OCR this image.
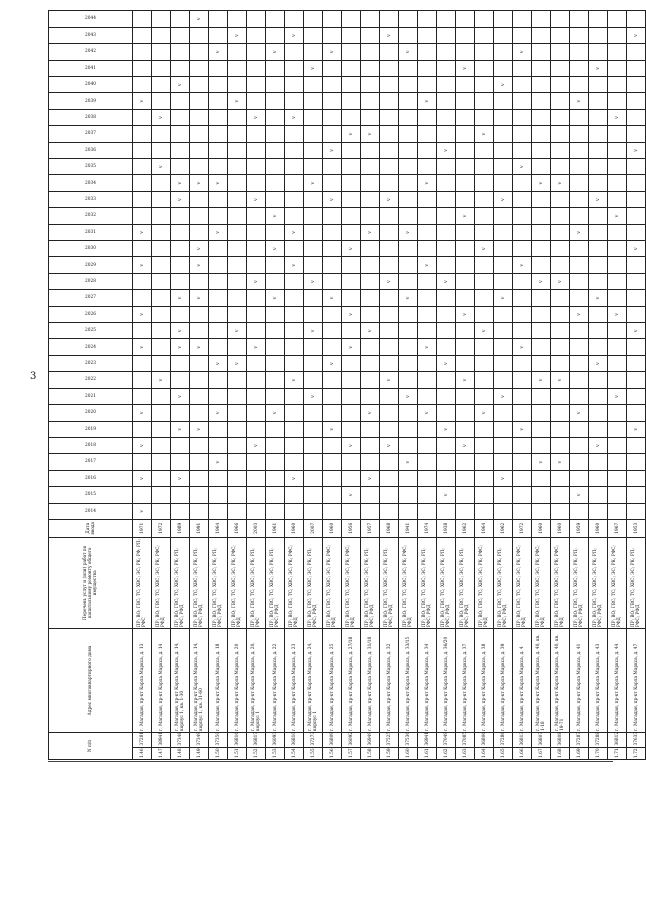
3
N п/п		Адрес многоквартирного дома	Перечень услуг и (или) работ по капитальному ремонту общего имущества	Дата ввода	2014	2015	2016	2017	2018	2019	2020	2021	2022	2023	2024	2025	2026	2027	2028	2029	2030	2031	2032	2033	2034	2035	2036	2037	2038	2039	2040	2041	2042	2043	2044
1.46	37281	г. Магадан, пр-кт Карла Маркса, д. 13	ПР; ВО; ГВС; ТС; ХВС; ЭС; РК; РФ; РП; РФС	1971	v		v		v		v				v		v			v		v								v					
1.47	38941	г. Магадан, пр-кт Карла Маркса, д. 14	ПР; ВО; ГВС; ТС; ХВС; ЭС; РК; РФС; РФД	1972									v													v			v						
1.48	37348	г. Магадан, пр-кт Карла Маркса, д. 14, корпус 1, кв. 1-30	ПР; ВО; ГВС; ТС; ХВС; ЭС; РК; РП; РФС; РФД	1989			v			v		v			v	v		v						v	v						v				
1.49	37349	г. Магадан, пр-кт Карла Маркса, д. 14, корпус 1, кв. 31-60	ПР; ВО; ГВС; ТС; ХВС; ЭС; РК; РП; РФС; РФД	1991						v					v			v		v	v				v										v
1.50	37350	г. Магадан, пр-кт Карла Маркса, д. 18	ПР; ВО; ГВС; ТС; ХВС; ЭС; РК; РП; РФС; РФД	1964				v			v			v								v			v								v		
1.51	36816	г. Магадан, пр-кт Карла Маркса, д. 20	ПР; ВО; ГВС; ТС; ХВС; ЭС; РК; РФС; РФД	1966										v		v														v				v	
1.52	36817	г. Магадан, пр-кт Карла Маркса, д. 20, корпус 1	ПР; ВО; ГВС; ТС; ХВС; ЭС; РК; РП; РФС	2003					v						v				v					v					v						
1.53	36093	г. Магадан, пр-кт Карла Маркса, д. 22	ПР; ВО; ГВС; ТС; ХВС; ЭС; РК; РП; РФС; РФД	1961							v							v			v		v										v		
1.54	36810	г. Магадан, пр-кт Карла Маркса, д. 23	ПР; ВО; ГВС; ТС; ХВС; ЭС; РК; РФС; РФД	1960			v						v							v		v							v					v	
1.55	37273	г. Магадан, пр-кт Карла Маркса, д. 24, корпус 1	ПР; ВО; ГВС; ТС; ХВС; ЭС; РК; РП; РФС; РФД	2007								v				v			v						v							v			
1.56	36809	г. Магадан, пр-кт Карла Маркса, д. 25	ПР; ВО; ГВС; ТС; ХВС; ЭС; РК; РФС; РФД	1960						v				v				v						v			v						v		
1.57	36092	г. Магадан, пр-кт Карла Маркса, д. 27/18	ПР; ВО; ГВС; ТС; ХВС; ЭС; РК; РФС; РФД	1956		v			v						v		v				v							v							
1.58	36949	г. Магадан, пр-кт Карла Маркса, д. 31/18	ПР; ВО; ГВС; ТС; ХВС; ЭС; РК; РП; РФС; РФД	1957			v				v					v						v						v							
1.59	37525	г. Магадан, пр-кт Карла Маркса, д. 32	ПР; ВО; ГВС; ТС; ХВС; ЭС; РК; РП; РФС; РФД	1968					v				v						v					v										v	
1.60	37536	г. Магадан, пр-кт Карла Маркса, д. 33/15	ПР; ВО; ГВС; ТС; ХВС; ЭС; РК; РФС; РФД	1941				v				v						v				v											v		
1.61	36941	г. Магадан, пр-кт Карла Маркса, д. 34	ПР; ВО; ГВС; ТС; ХВС; ЭС; РК; РП; РФС; РФД	1974							v				v					v					v					v					
1.62	37049	г. Магадан, пр-кт Карла Маркса, д. 36/20	ПР; ВО; ГВС; ТС; ХВС; ЭС; РК; РП; РФС; РФД	1938		v				v				v					v								v								
1.63	37085	г. Магадан, пр-кт Карла Маркса, д. 37	ПР; ВО; ГВС; ТС; ХВС; ЭС; РК; РП; РФС; РФД	1962					v				v				v						v									v			
1.64	36806	г. Магадан, пр-кт Карла Маркса, д. 38	ПР; ВО; ГВС; ТС; ХВС; ЭС; РК; РФС; РФД	1964							v					v					v							v							
1.65	37286	г. Магадан, пр-кт Карла Маркса, д. 39	ПР; ВО; ГВС; ТС; ХВС; ЭС; РК; РП; РФС; РФД	1962			v					v						v						v							v				
1.66	36813	г. Магадан, пр-кт Карла Маркса, д. 4	ПР; ВО; ГВС; ТС; ХВС; ЭС; РК; РФС; РФД	1972						v					v					v						v							v		
1.67	36807	г. Магадан, пр-кт Карла Маркса, д. 40, кв. 1-18	ПР; ВО; ГВС; ТС; ХВС; ЭС; РК; РФС; РФД	1960				v					v						v						v										
1.68	36808	г. Магадан, пр-кт Карла Маркса, д. 40, кв. 19-71	ПР; ВО; ГВС; ТС; ХВС; ЭС; РК; РФС; РФД	1960				v					v						v						v										
1.69	37287	г. Магадан, пр-кт Карла Маркса, д. 41	ПР; ВО; ГВС; ТС; ХВС; ЭС; РК; РП; РФС; РФД	1959		v					v						v					v								v					
1.70	37288	г. Магадан, пр-кт Карла Маркса, д. 43	ПР; ВО; ГВС; ТС; ХВС; ЭС; РК; РП; РФС; РФД	1960					v					v				v						v								v			
1.71	36812	г. Магадан, пр-кт Карла Маркса, д. 44	ПР; ВО; ГВС; ТС; ХВС; ЭС; РК; РФС; РФД	1967								v					v						v						v						
1.72	37633	г. Магадан, пр-кт Карла Маркса, д. 47	ПР; ВО; ГВС; ТС; ХВС; ЭС; РК; РП; РФС; РФД	1953						v						v					v						v							v	
